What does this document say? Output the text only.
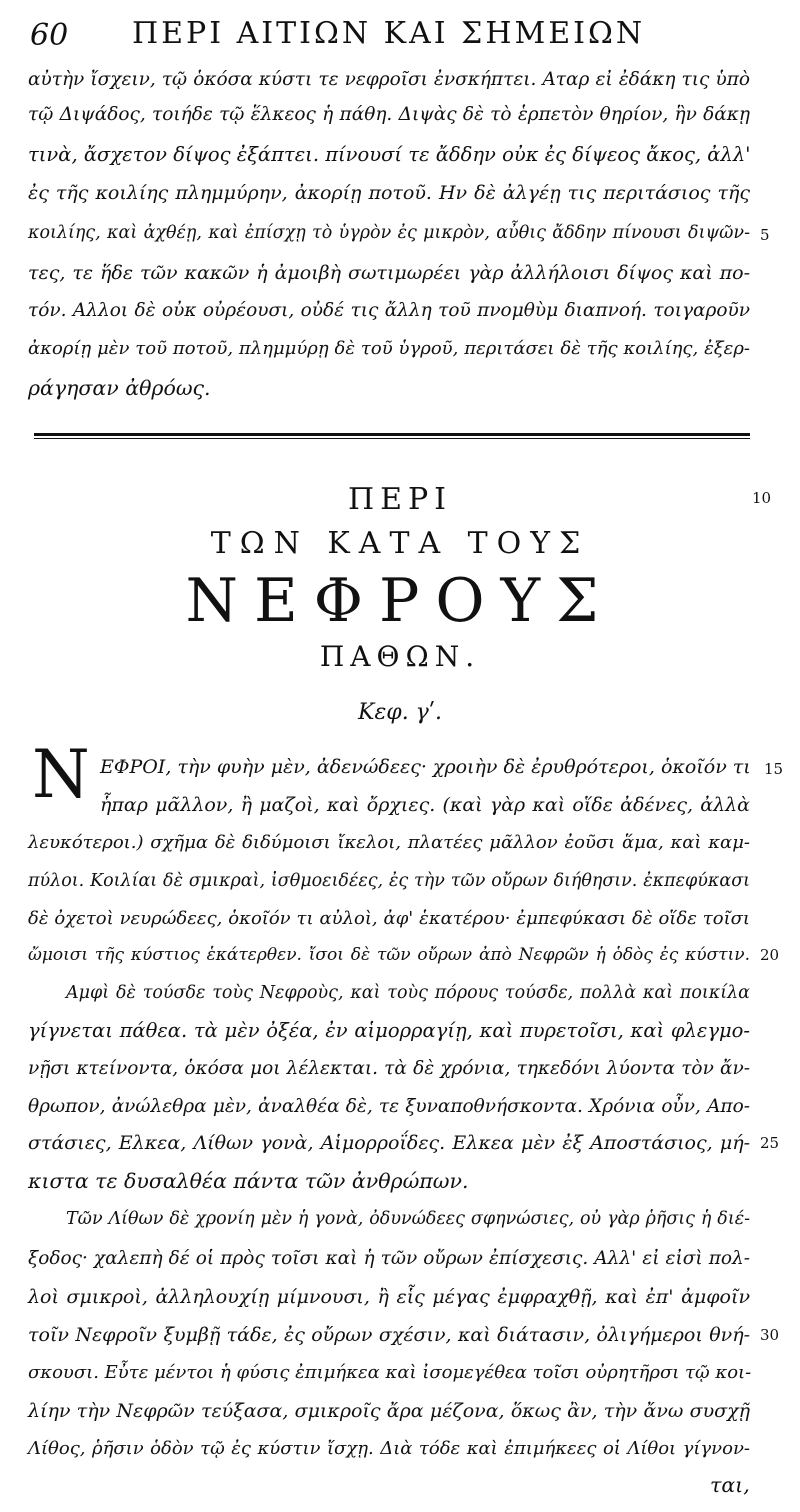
60 ΠΕΡΙ ΑΙΤΙΩΝ ΚΑΙ ΣΗΜΕΙΩΝ
αὐτὴν ἴσχειν, τῷ ὁκόσα κύστι τε νεφροῖσι ἐνσκήπτει. Αταρ εἰ ἐδάκη τις ὑπὸ
τῷ Διψάδος, τοιήδε τῷ ἕλκεος ἡ πάθη. Διψὰς δὲ τὸ ἑρπετὸν θηρίον, ἣν δάκῃ
τινὰ, ἄσχετον δίψος ἐξάπτει. πίνουσί τε ἄδδην οὐκ ἐς δίψεος ἄκος, ἀλλ'
ἐς τῆς κοιλίης πλημμύρην, ἀκορίῃ ποτοῦ. Ην δὲ ἀλγέῃ τις περιτάσιος τῆς
κοιλίης, καὶ ἀχθέῃ, καὶ ἐπίσχῃ τὸ ὑγρὸν ἐς μικρὸν, αὖθις ἄδδην πίνουσι διψῶν-
τες, τε ἥδε τῶν κακῶν ἡ ἀμοιβὴ σωτιμωρέει γὰρ ἀλλήλοισι δίψος καὶ πο-
τόν. Αλλοι δὲ οὐκ οὐρέουσι, οὐδέ τις ἄλλη τοῦ πνομθὺμ διαπνοή. τοιγαροῦν
ἀκορίῃ μὲν τοῦ ποτοῦ, πλημμύρῃ δὲ τοῦ ὑγροῦ, περιτάσει δὲ τῆς κοιλίης, ἐξερ-
ράγησαν ἀθρόως.
5
ΠΕΡΙ	10
ΤΩΝ ΚΑΤΑ ΤΟΥΣ
ΝΕΦΡΟΥΣ
ΠΑΘΩΝ.
Κεφ. γʹ.
N ΕΦΡΟΙ, τὴν φυὴν μὲν, ἀδενώδεες· χροιὴν δὲ ἐρυθρότεροι, ὁκοῖόν τι
ἧπαρ μᾶλλον, ἢ μαζοὶ, καὶ ὄρχιες. (καὶ γὰρ καὶ οἵδε ἀδένες, ἀλλὰ
λευκότεροι.) σχῆμα δὲ διδύμοισι ἴκελοι, πλατέες μᾶλλον ἐοῦσι ἅμα, καὶ καμ-
πύλοι. Κοιλίαι δὲ σμικραὶ, ἰσθμοειδέες, ἐς τὴν τῶν οὔρων διήθησιν. ἐκπεφύκασι
δὲ ὀχετοὶ νευρώδεες, ὁκοῖόν τι αὐλοὶ, ἀφ' ἑκατέρου· ἐμπεφύκασι δὲ οἵδε τοῖσι
ὤμοισι τῆς κύστιος ἑκάτερθεν. ἴσοι δὲ τῶν οὔρων ἀπὸ Νεφρῶν ἡ ὁδὸς ἐς κύστιν.
Αμφὶ δὲ τούσδε τοὺς Νεφροὺς, καὶ τοὺς πόρους τούσδε, πολλὰ καὶ ποικίλα
γίγνεται πάθεα. τὰ μὲν ὀξέα, ἐν αἱμορραγίῃ, καὶ πυρετοῖσι, καὶ φλεγμο-
νῇσι κτείνοντα, ὁκόσα μοι λέλεκται. τὰ δὲ χρόνια, τηκεδόνι λύοντα τὸν ἄν-
θρωπον, ἀνώλεθρα μὲν, ἀναλθέα δὲ, τε ξυναποθνήσκοντα. Χρόνια οὖν, Απο-
στάσιες, Ελκεα, Λίθων γονὰ, Αἱμορροΐδες. Ελκεα μὲν ἐξ Αποστάσιος, μή-
κιστα τε δυσαλθέα πάντα τῶν ἀνθρώπων.
Τῶν Λίθων δὲ χρονίη μὲν ἡ γονὰ, ὀδυνώδεες σφηνώσιες, οὐ γὰρ ῥῆσις ἡ διέ-
ξοδος· χαλεπὴ δέ οἱ πρὸς τοῖσι καὶ ἡ τῶν οὔρων ἐπίσχεσις. Αλλ' εἰ εἰσὶ πολ-
λοὶ σμικροὶ, ἀλληλουχίῃ μίμνουσι, ἢ εἷς μέγας ἐμφραχθῇ, καὶ ἐπ' ἀμφοῖν
τοῖν Νεφροῖν ξυμβῇ τάδε, ἐς οὔρων σχέσιν, καὶ διάτασιν, ὀλιγήμεροι θνή-
σκουσι. Εὖτε μέντοι ἡ φύσις ἐπιμήκεα καὶ ἰσομεγέθεα τοῖσι οὐρητῆρσι τῷ κοι-
λίην τὴν Νεφρῶν τεύξασα, σμικροῖς ἄρα μέζονα, ὅκως ἂν, τὴν ἄνω συσχῇ
Λίθος, ῥῆσιν ὁδὸν τῷ ἐς κύστιν ἴσχῃ. Διὰ τόδε καὶ ἐπιμήκεες οἱ Λίθοι γίγνον-
ται,
15
20
25
30
